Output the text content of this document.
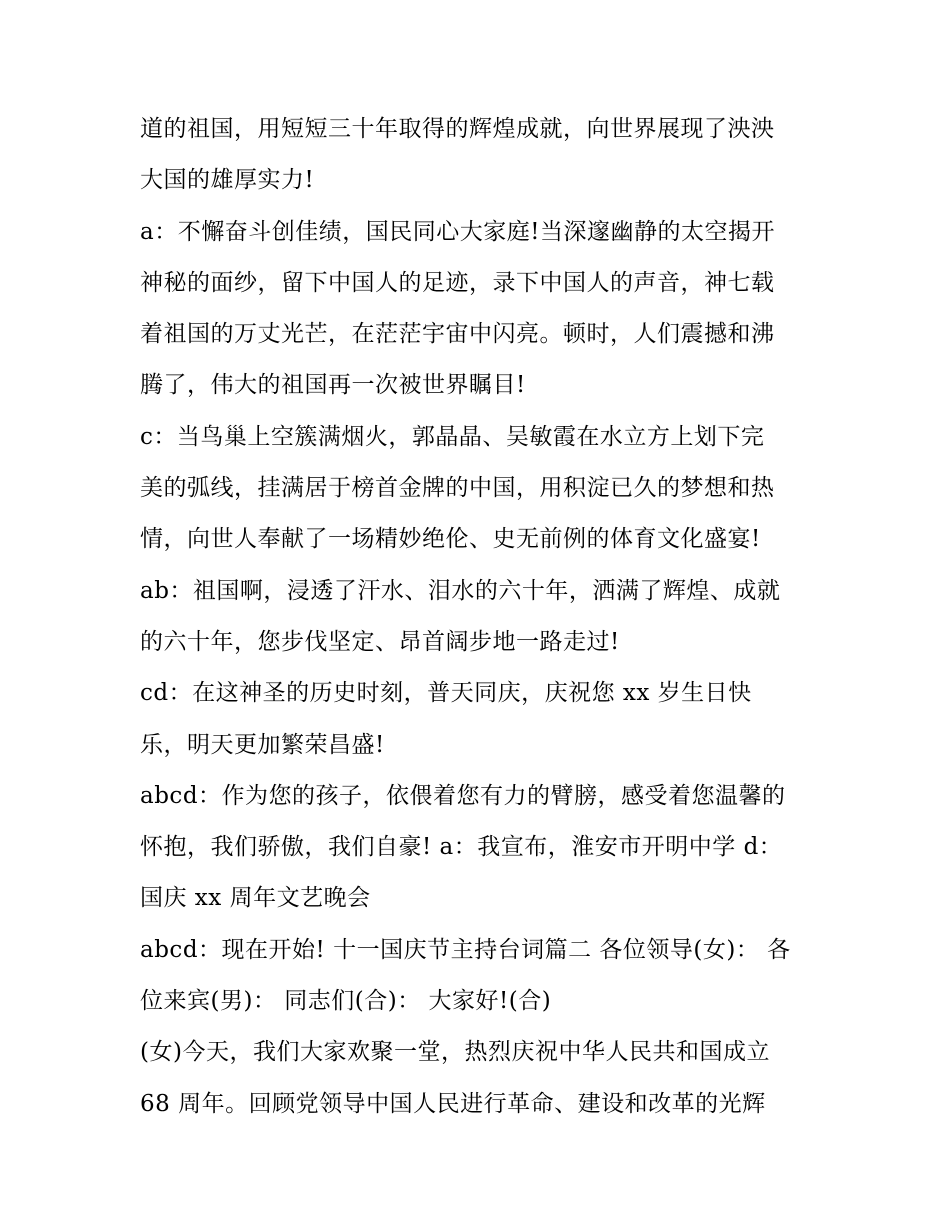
道的祖国，用短短三十年取得的辉煌成就，向世界展现了泱泱
大国的雄厚实力!
a：不懈奋斗创佳绩，国民同心大家庭!当深邃幽静的太空揭开
神秘的面纱，留下中国人的足迹，录下中国人的声音，神七载
着祖国的万丈光芒，在茫茫宇宙中闪亮。顿时，人们震撼和沸
腾了，伟大的祖国再一次被世界瞩目!
c：当鸟巢上空簇满烟火，郭晶晶、吴敏霞在水立方上划下完
美的弧线，挂满居于榜首金牌的中国，用积淀已久的梦想和热
情，向世人奉献了一场精妙绝伦、史无前例的体育文化盛宴!
ab：祖国啊，浸透了汗水、泪水的六十年，洒满了辉煌、成就
的六十年，您步伐坚定、昂首阔步地一路走过!
cd：在这神圣的历史时刻，普天同庆，庆祝您 xx 岁生日快
乐，明天更加繁荣昌盛!
abcd：作为您的孩子，依偎着您有力的臂膀，感受着您温馨的
怀抱，我们骄傲，我们自豪! a：我宣布，淮安市开明中学 d：
国庆 xx 周年文艺晚会
abcd：现在开始! 十一国庆节主持台词篇二 各位领导(女)： 各
位来宾(男)： 同志们(合)： 大家好!(合)
(女)今天，我们大家欢聚一堂，热烈庆祝中华人民共和国成立
68 周年。回顾党领导中国人民进行革命、建设和改革的光辉
